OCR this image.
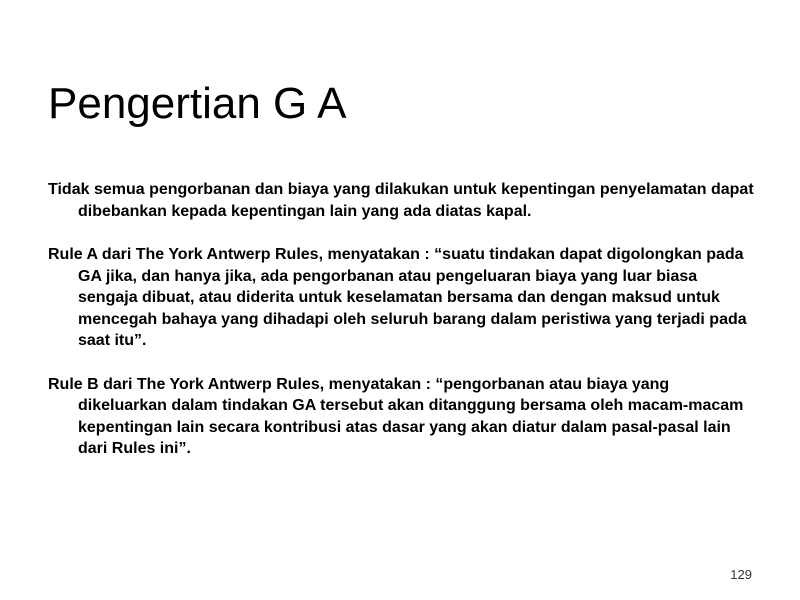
Pengertian G A

Tidak semua pengorbanan dan biaya yang dilakukan untuk kepentingan penyelamatan dapat dibebankan kepada kepentingan lain yang ada diatas kapal.

Rule A dari The York Antwerp Rules, menyatakan : “suatu tindakan dapat digolongkan pada GA jika, dan hanya jika, ada pengorbanan atau pengeluaran biaya yang luar biasa sengaja dibuat, atau diderita untuk keselamatan bersama dan dengan maksud untuk mencegah bahaya yang dihadapi oleh seluruh barang dalam peristiwa yang terjadi pada saat itu”.

Rule B dari The York Antwerp Rules, menyatakan : “pengorbanan atau biaya yang dikeluarkan dalam tindakan GA tersebut akan ditanggung bersama oleh macam-macam kepentingan lain secara kontribusi atas dasar yang akan diatur dalam pasal-pasal lain dari Rules ini”.

129
